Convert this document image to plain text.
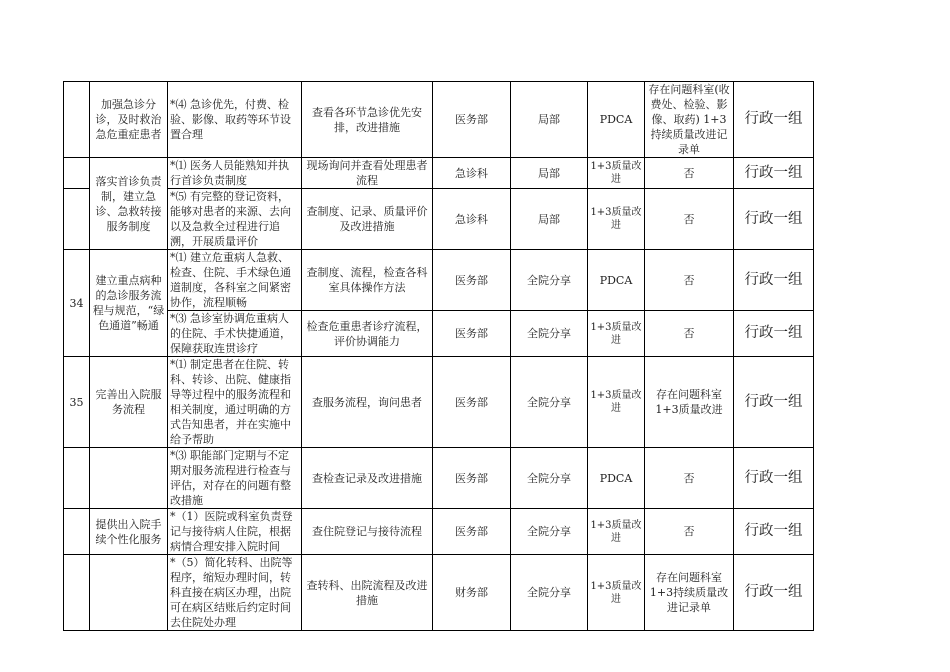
	加强急诊分诊，及时救治急危重症患者	*⑷ 急诊优先，付费、检验、影像、取药等环节设置合理	查看各环节急诊优先安排，改进措施	医务部	局部	PDCA	存在问题科室(收费处、检验、影像、取药) 1+3持续质量改进记录单	行政一组
	落实首诊负责制，建立急诊、急救转接服务制度	*⑴ 医务人员能熟知并执行首诊负责制度	现场询问并查看处理患者流程	急诊科	局部	1+3质量改进	否	行政一组
		*⑸ 有完整的登记资料，能够对患者的来源、去向以及急救全过程进行追溯，开展质量评价	查制度、记录、质量评价及改进措施	急诊科	局部	1+3质量改进	否	行政一组
34	建立重点病种的急诊服务流程与规范，“绿色通道”畅通	*⑴ 建立危重病人急救、检查、住院、手术绿色通道制度，各科室之间紧密协作，流程顺畅	查制度、流程，检查各科室具体操作方法	医务部	全院分享	PDCA	否	行政一组
		*⑶ 急诊室协调危重病人的住院、手术快捷通道，保障获取连贯诊疗	检查危重患者诊疗流程，评价协调能力	医务部	全院分享	1+3质量改进	否	行政一组
35	完善出入院服务流程	*⑴ 制定患者在住院、转科、转诊、出院、健康指导等过程中的服务流程和相关制度，通过明确的方式告知患者，并在实施中给予帮助	查服务流程，询问患者	医务部	全院分享	1+3质量改进	存在问题科室1+3质量改进	行政一组
		*⑶ 职能部门定期与不定期对服务流程进行检查与评估，对存在的问题有整改措施	查检查记录及改进措施	医务部	全院分享	PDCA	否	行政一组
	提供出入院手续个性化服务	*（1）医院或科室负责登记与接待病人住院，根据病情合理安排入院时间	查住院登记与接待流程	医务部	全院分享	1+3质量改进	否	行政一组
		*（5）简化转科、出院等程序，缩短办理时间，转科直接在病区办理，出院可在病区结账后约定时间去住院处办理	查转科、出院流程及改进措施	财务部	全院分享	1+3质量改进	存在问题科室1+3持续质量改进记录单	行政一组
